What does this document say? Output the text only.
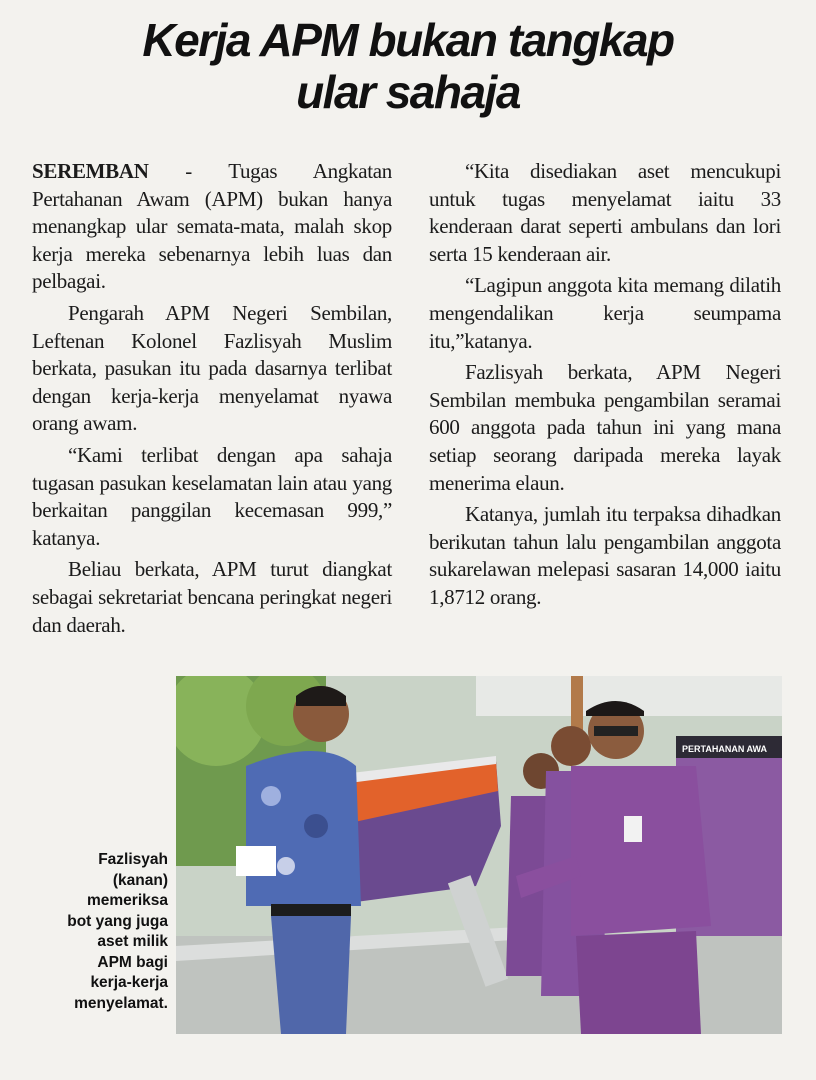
Kerja APM bukan tangkap
ular sahaja

SEREMBAN - Tugas Angkatan Pertahanan Awam (APM) bukan hanya menangkap ular semata-mata, malah skop kerja mereka sebenarnya lebih luas dan pelbagai.

Pengarah APM Negeri Sembilan, Leftenan Kolonel Fazlisyah Muslim berkata, pasukan itu pada dasarnya terlibat dengan kerja-kerja menyelamat nyawa orang awam.

“Kami terlibat dengan apa sahaja tugasan pasukan keselamatan lain atau yang berkaitan panggilan kecemasan 999,” katanya.

Beliau berkata, APM turut diangkat sebagai sekretariat bencana peringkat negeri dan daerah.

“Kita disediakan aset mencukupi untuk tugas menyelamat iaitu 33 kenderaan darat seperti ambulans dan lori serta 15 kenderaan air.

“Lagipun anggota kita memang dilatih mengendalikan kerja seumpama itu,”katanya.

Fazlisyah berkata, APM Negeri Sembilan membuka pengambilan seramai 600 anggota pada tahun ini yang mana setiap seorang daripada mereka layak menerima elaun.

Katanya, jumlah itu terpaksa dihadkan berikutan tahun lalu pengambilan anggota sukarelawan melepasi sasaran 14,000 iaitu 1,8712 orang.

PERTAHANAN AWA
Fazlisyah
(kanan)
memeriksa
bot yang juga
aset milik
APM bagi
kerja-kerja
menyelamat.
